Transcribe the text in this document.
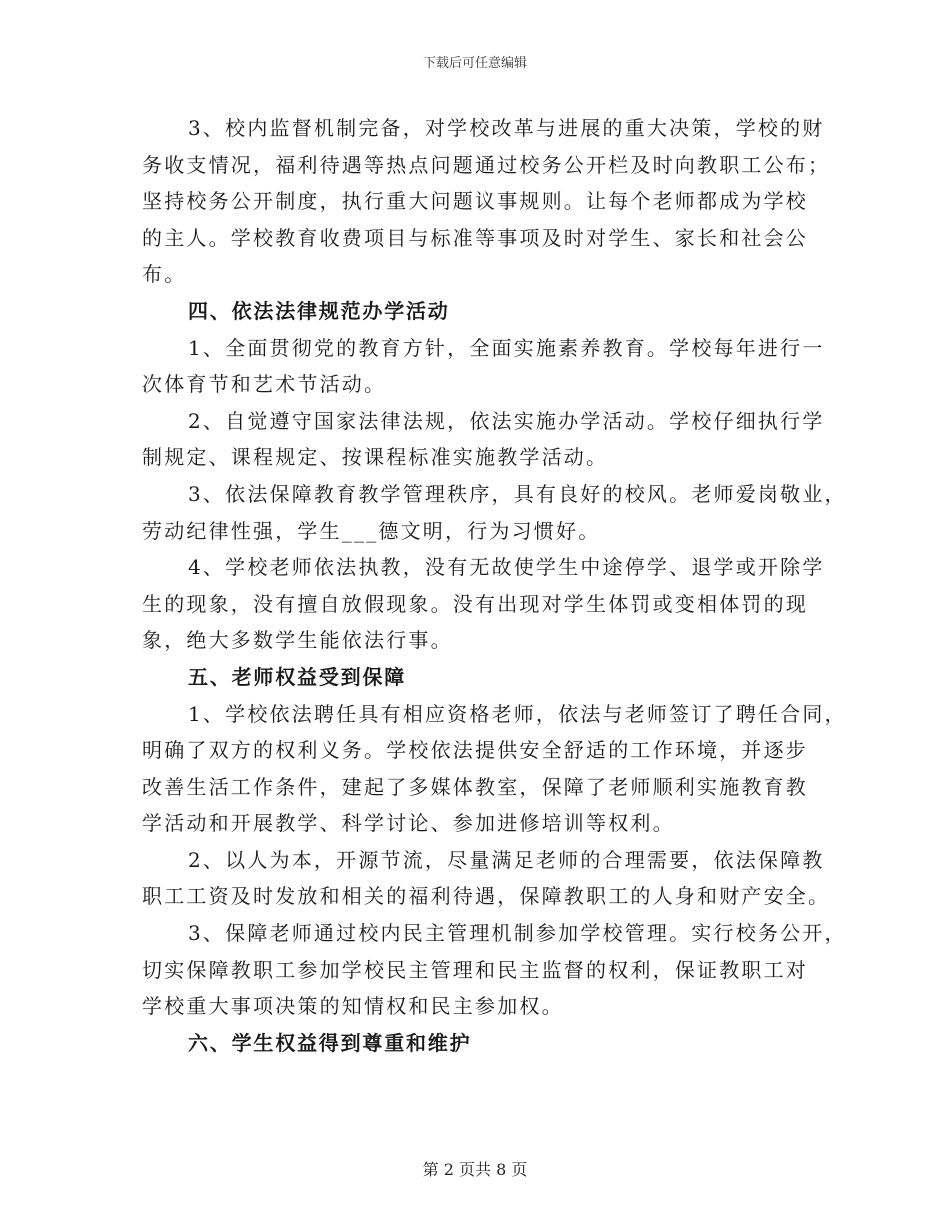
下载后可任意编辑
3、校内监督机制完备，对学校改革与进展的重大决策，学校的财
务收支情况，福利待遇等热点问题通过校务公开栏及时向教职工公布；
坚持校务公开制度，执行重大问题议事规则。让每个老师都成为学校
的主人。学校教育收费项目与标准等事项及时对学生、家长和社会公
布。
四、依法法律规范办学活动
1、全面贯彻党的教育方针，全面实施素养教育。学校每年进行一
次体育节和艺术节活动。
2、自觉遵守国家法律法规，依法实施办学活动。学校仔细执行学
制规定、课程规定、按课程标准实施教学活动。
3、依法保障教育教学管理秩序，具有良好的校风。老师爱岗敬业，
劳动纪律性强，学生___德文明，行为习惯好。
4、学校老师依法执教，没有无故使学生中途停学、退学或开除学
生的现象，没有擅自放假现象。没有出现对学生体罚或变相体罚的现
象，绝大多数学生能依法行事。
五、老师权益受到保障
1、学校依法聘任具有相应资格老师，依法与老师签订了聘任合同，
明确了双方的权利义务。学校依法提供安全舒适的工作环境，并逐步
改善生活工作条件，建起了多媒体教室，保障了老师顺利实施教育教
学活动和开展教学、科学讨论、参加进修培训等权利。
2、以人为本，开源节流，尽量满足老师的合理需要，依法保障教
职工工资及时发放和相关的福利待遇，保障教职工的人身和财产安全。
3、保障老师通过校内民主管理机制参加学校管理。实行校务公开，
切实保障教职工参加学校民主管理和民主监督的权利，保证教职工对
学校重大事项决策的知情权和民主参加权。
六、学生权益得到尊重和维护
第 2 页共 8 页
